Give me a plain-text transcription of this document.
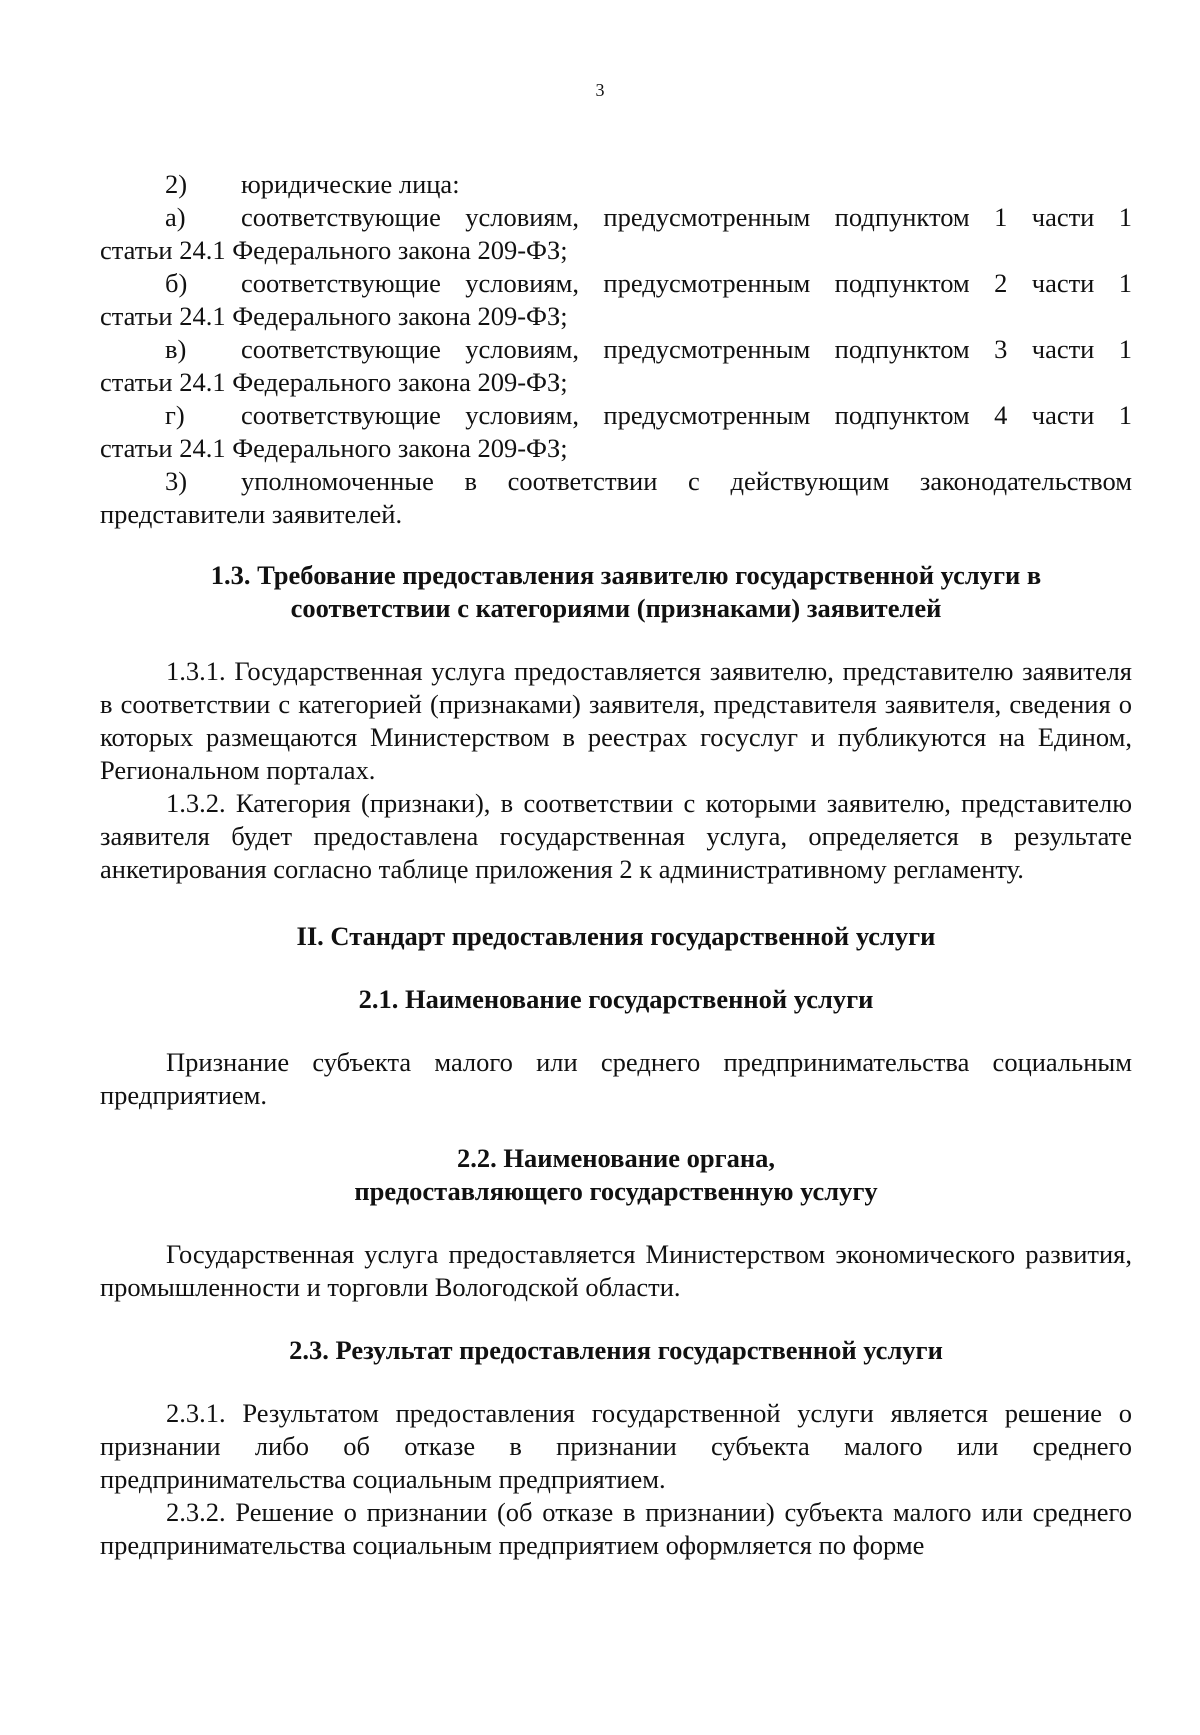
3
2)	юридические лица:
а)	соответствующие условиям, предусмотренным подпунктом 1 части 1
статьи 24.1 Федерального закона 209-ФЗ;
б)	соответствующие условиям, предусмотренным подпунктом 2 части 1
статьи 24.1 Федерального закона 209-ФЗ;
в)	соответствующие условиям, предусмотренным подпунктом 3 части 1
статьи 24.1 Федерального закона 209-ФЗ;
г)	соответствующие условиям, предусмотренным подпунктом 4 части 1
статьи 24.1 Федерального закона 209-ФЗ;
3)	уполномоченные в соответствии с действующим законодательством
представители заявителей.
1.3. Требование предоставления заявителю государственной услуги в
соответствии с категориями (признаками) заявителей
1.3.1. Государственная услуга предоставляется заявителю, представителю заявителя в соответствии с категорией (признаками) заявителя, представителя заявителя, сведения о которых размещаются Министерством в реестрах госуслуг и публикуются на Едином, Региональном порталах.
1.3.2. Категория (признаки), в соответствии с которыми заявителю, представителю заявителя будет предоставлена государственная услуга, определяется в результате анкетирования согласно таблице приложения 2 к административному регламенту.
II. Стандарт предоставления государственной услуги
2.1. Наименование государственной услуги
Признание субъекта малого или среднего предпринимательства социальным предприятием.
2.2. Наименование органа,
предоставляющего государственную услугу
Государственная услуга предоставляется Министерством экономического развития, промышленности и торговли Вологодской области.
2.3. Результат предоставления государственной услуги
2.3.1. Результатом предоставления государственной услуги является решение о признании либо об отказе в признании субъекта малого или среднего предпринимательства социальным предприятием.
2.3.2. Решение о признании (об отказе в признании) субъекта малого или среднего предпринимательства социальным предприятием оформляется по форме
